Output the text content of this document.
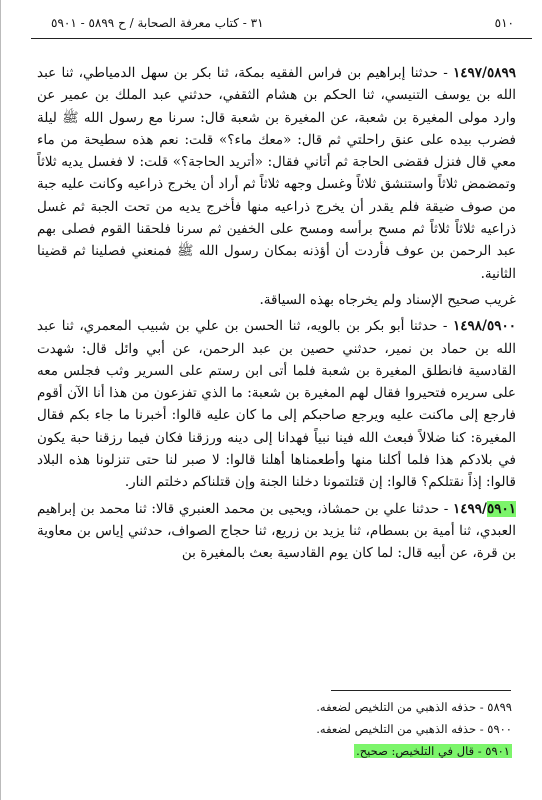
٥١٠
٣١ - كتاب معرفة الصحابة / ح ٥٨٩٩ - ٥٩٠١

١٤٩٧/٥٨٩٩ - حدثنا إبراهيم بن فراس الفقيه بمكة، ثنا بكر بن سهل الدمياطي، ثنا عبد الله بن يوسف التنيسي، ثنا الحكم بن هشام الثقفي، حدثني عبد الملك بن عمير عن وارد مولى المغيرة بن شعبة، عن المغيرة بن شعبة قال: سرنا مع رسول الله ﷺ ليلة فضرب بيده على عنق راحلتي ثم قال: «معك ماء؟» قلت: نعم هذه سطيحة من ماء معي قال فنزل فقضى الحاجة ثم أتاني فقال: «أتريد الحاجة؟» قلت: لا فغسل يديه ثلاثاً وتمضمض ثلاثاً واستنشق ثلاثاً وغسل وجهه ثلاثاً ثم أراد أن يخرج ذراعيه وكانت عليه جبة من صوف ضيقة فلم يقدر أن يخرج ذراعيه منها فأخرج يديه من تحت الجبة ثم غسل ذراعيه ثلاثاً ثلاثاً ثم مسح برأسه ومسح على الخفين ثم سرنا فلحقنا القوم فصلى بهم عبد الرحمن بن عوف فأردت أن أؤذنه بمكان رسول الله ﷺ فمنعني فصلينا ثم قضينا الثانية.

غريب صحيح الإسناد ولم يخرجاه بهذه السياقة.

١٤٩٨/٥٩٠٠ - حدثنا أبو بكر بن بالويه، ثنا الحسن بن علي بن شبيب المعمري، ثنا عبد الله بن حماد بن نمير، حدثني حصين بن عبد الرحمن، عن أبي وائل قال: شهدت القادسية فانطلق المغيرة بن شعبة فلما أتى ابن رستم على السرير وثب فجلس معه على سريره فتحيروا فقال لهم المغيرة بن شعبة: ما الذي تفزعون من هذا أنا الآن أقوم فارجع إلى ماكنت عليه ويرجع صاحبكم إلى ما كان عليه قالوا: أخبرنا ما جاء بكم فقال المغيرة: كنا ضلالاً فبعث الله فينا نبياً فهدانا إلى دينه ورزقنا فكان فيما رزقنا حبة يكون في بلادكم هذا فلما أكلنا منها وأطعمناها أهلنا قالوا: لا صبر لنا حتى تنزلونا هذه البلاد قالوا: إذاً نقتلكم؟ قالوا: إن قتلتمونا دخلنا الجنة وإن قتلناكم دخلتم النار.

١٤٩٩/٥٩٠١ - حدثنا علي بن حمشاذ، ويحيى بن محمد العنبري قالا: ثنا محمد بن إبراهيم العبدي، ثنا أمية بن بسطام، ثنا يزيد بن زريع، ثنا حجاج الصواف، حدثني إياس بن معاوية بن قرة، عن أبيه قال: لما كان يوم القادسية بعث بالمغيرة بن

٥٨٩٩ - حذفه الذهبي من التلخيص لضعفه.
٥٩٠٠ - حذفه الذهبي من التلخيص لضعفه.
٥٩٠١ - قال في التلخيص: صحيح.
